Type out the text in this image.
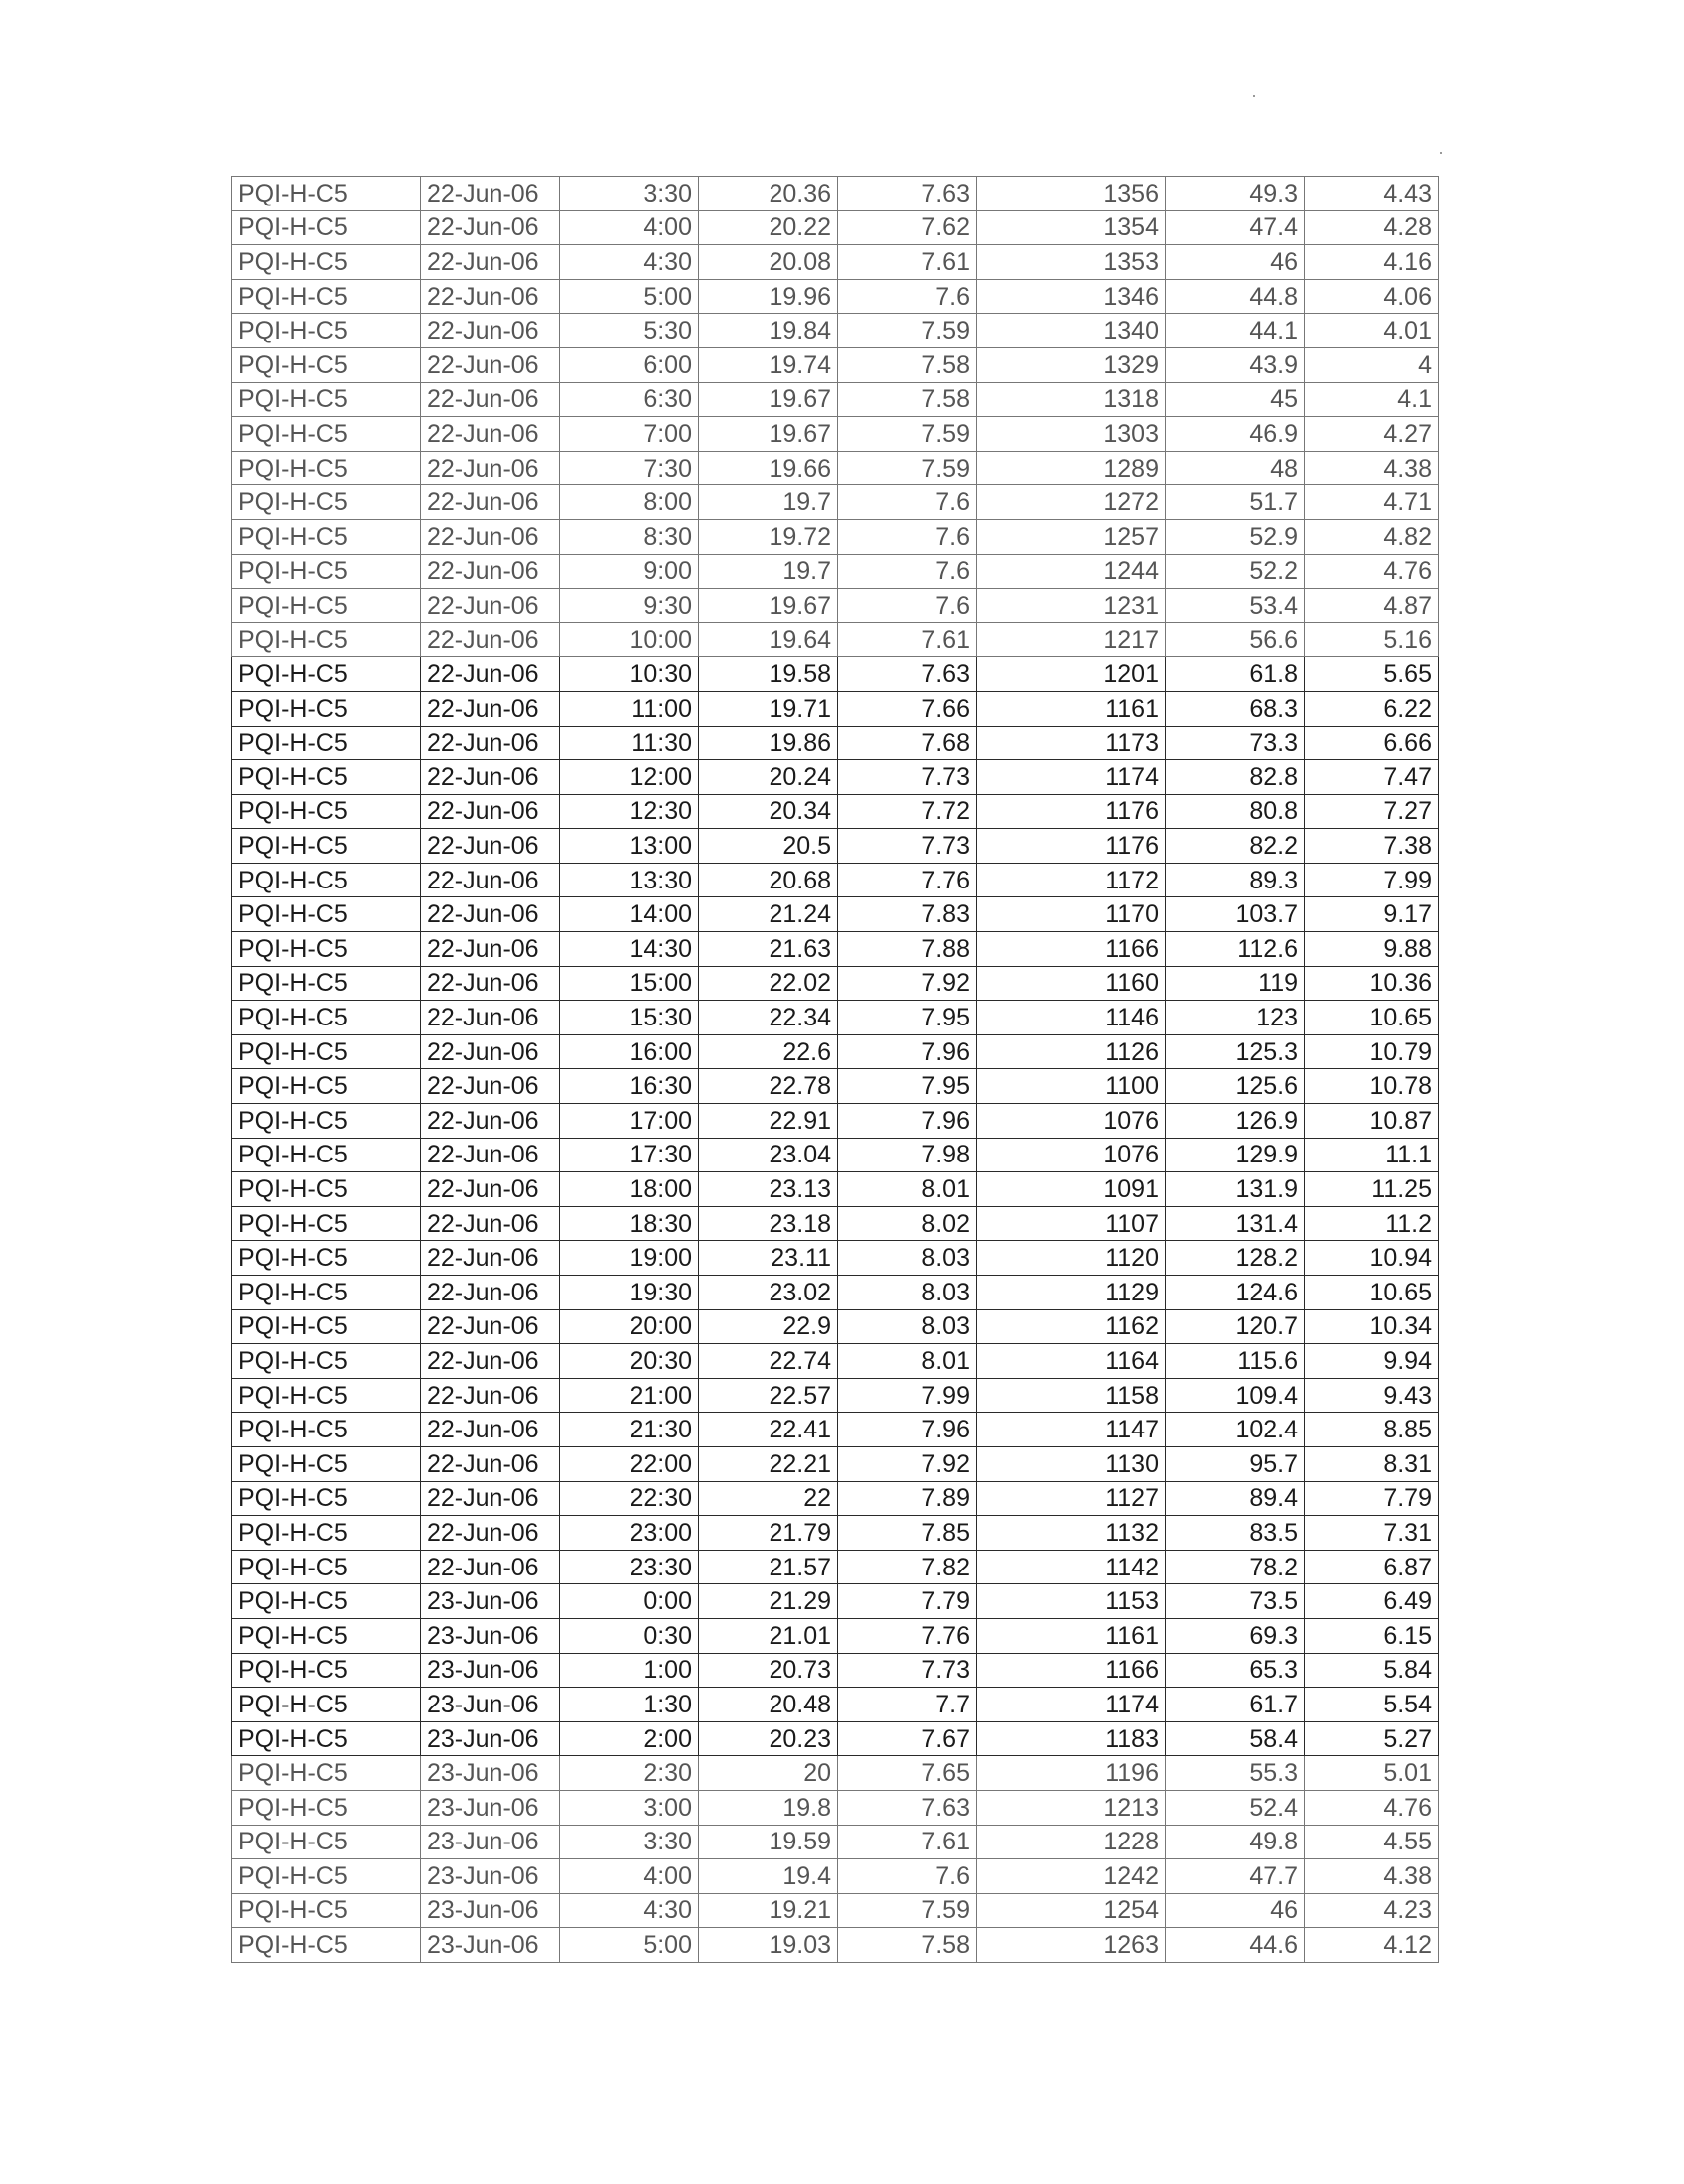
PQI-H-C5	22-Jun-06	3:30	20.36	7.63	1356	49.3	4.43
PQI-H-C5	22-Jun-06	4:00	20.22	7.62	1354	47.4	4.28
PQI-H-C5	22-Jun-06	4:30	20.08	7.61	1353	46	4.16
PQI-H-C5	22-Jun-06	5:00	19.96	7.6	1346	44.8	4.06
PQI-H-C5	22-Jun-06	5:30	19.84	7.59	1340	44.1	4.01
PQI-H-C5	22-Jun-06	6:00	19.74	7.58	1329	43.9	4
PQI-H-C5	22-Jun-06	6:30	19.67	7.58	1318	45	4.1
PQI-H-C5	22-Jun-06	7:00	19.67	7.59	1303	46.9	4.27
PQI-H-C5	22-Jun-06	7:30	19.66	7.59	1289	48	4.38
PQI-H-C5	22-Jun-06	8:00	19.7	7.6	1272	51.7	4.71
PQI-H-C5	22-Jun-06	8:30	19.72	7.6	1257	52.9	4.82
PQI-H-C5	22-Jun-06	9:00	19.7	7.6	1244	52.2	4.76
PQI-H-C5	22-Jun-06	9:30	19.67	7.6	1231	53.4	4.87
PQI-H-C5	22-Jun-06	10:00	19.64	7.61	1217	56.6	5.16
PQI-H-C5	22-Jun-06	10:30	19.58	7.63	1201	61.8	5.65
PQI-H-C5	22-Jun-06	11:00	19.71	7.66	1161	68.3	6.22
PQI-H-C5	22-Jun-06	11:30	19.86	7.68	1173	73.3	6.66
PQI-H-C5	22-Jun-06	12:00	20.24	7.73	1174	82.8	7.47
PQI-H-C5	22-Jun-06	12:30	20.34	7.72	1176	80.8	7.27
PQI-H-C5	22-Jun-06	13:00	20.5	7.73	1176	82.2	7.38
PQI-H-C5	22-Jun-06	13:30	20.68	7.76	1172	89.3	7.99
PQI-H-C5	22-Jun-06	14:00	21.24	7.83	1170	103.7	9.17
PQI-H-C5	22-Jun-06	14:30	21.63	7.88	1166	112.6	9.88
PQI-H-C5	22-Jun-06	15:00	22.02	7.92	1160	119	10.36
PQI-H-C5	22-Jun-06	15:30	22.34	7.95	1146	123	10.65
PQI-H-C5	22-Jun-06	16:00	22.6	7.96	1126	125.3	10.79
PQI-H-C5	22-Jun-06	16:30	22.78	7.95	1100	125.6	10.78
PQI-H-C5	22-Jun-06	17:00	22.91	7.96	1076	126.9	10.87
PQI-H-C5	22-Jun-06	17:30	23.04	7.98	1076	129.9	11.1
PQI-H-C5	22-Jun-06	18:00	23.13	8.01	1091	131.9	11.25
PQI-H-C5	22-Jun-06	18:30	23.18	8.02	1107	131.4	11.2
PQI-H-C5	22-Jun-06	19:00	23.11	8.03	1120	128.2	10.94
PQI-H-C5	22-Jun-06	19:30	23.02	8.03	1129	124.6	10.65
PQI-H-C5	22-Jun-06	20:00	22.9	8.03	1162	120.7	10.34
PQI-H-C5	22-Jun-06	20:30	22.74	8.01	1164	115.6	9.94
PQI-H-C5	22-Jun-06	21:00	22.57	7.99	1158	109.4	9.43
PQI-H-C5	22-Jun-06	21:30	22.41	7.96	1147	102.4	8.85
PQI-H-C5	22-Jun-06	22:00	22.21	7.92	1130	95.7	8.31
PQI-H-C5	22-Jun-06	22:30	22	7.89	1127	89.4	7.79
PQI-H-C5	22-Jun-06	23:00	21.79	7.85	1132	83.5	7.31
PQI-H-C5	22-Jun-06	23:30	21.57	7.82	1142	78.2	6.87
PQI-H-C5	23-Jun-06	0:00	21.29	7.79	1153	73.5	6.49
PQI-H-C5	23-Jun-06	0:30	21.01	7.76	1161	69.3	6.15
PQI-H-C5	23-Jun-06	1:00	20.73	7.73	1166	65.3	5.84
PQI-H-C5	23-Jun-06	1:30	20.48	7.7	1174	61.7	5.54
PQI-H-C5	23-Jun-06	2:00	20.23	7.67	1183	58.4	5.27
PQI-H-C5	23-Jun-06	2:30	20	7.65	1196	55.3	5.01
PQI-H-C5	23-Jun-06	3:00	19.8	7.63	1213	52.4	4.76
PQI-H-C5	23-Jun-06	3:30	19.59	7.61	1228	49.8	4.55
PQI-H-C5	23-Jun-06	4:00	19.4	7.6	1242	47.7	4.38
PQI-H-C5	23-Jun-06	4:30	19.21	7.59	1254	46	4.23
PQI-H-C5	23-Jun-06	5:00	19.03	7.58	1263	44.6	4.12
